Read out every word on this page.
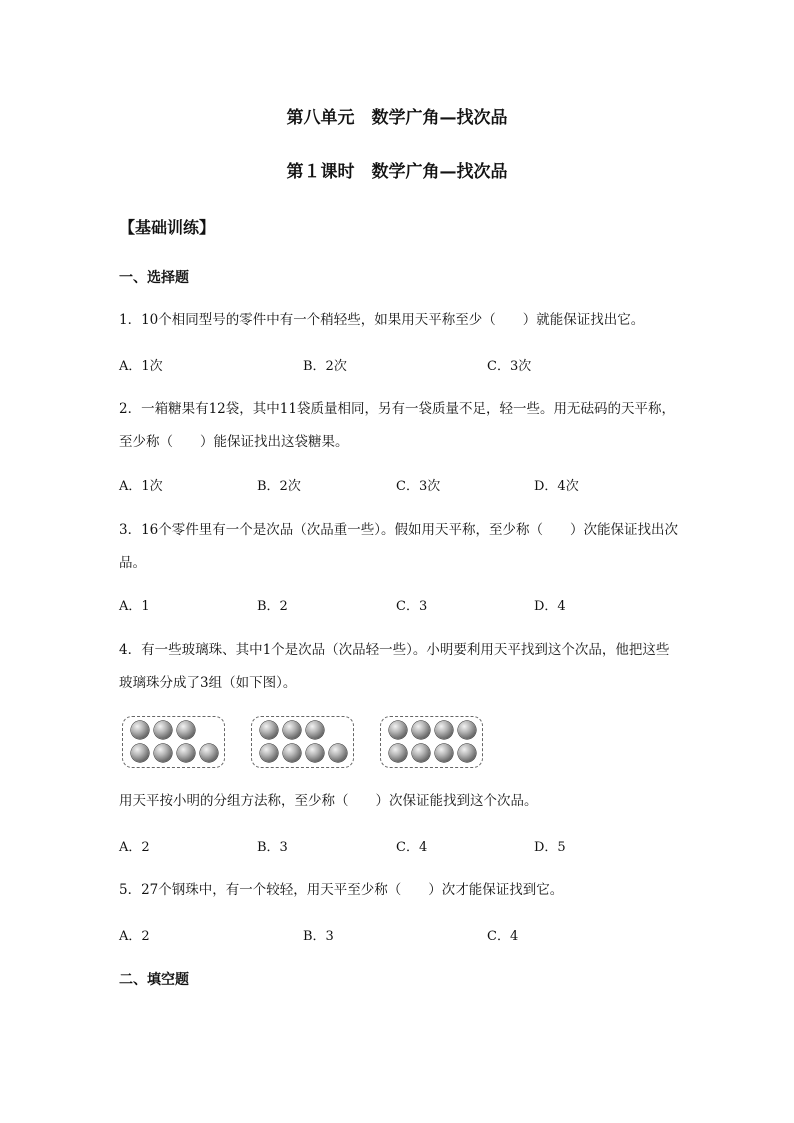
第八单元　数学广角—找次品
第１课时　数学广角—找次品
【基础训练】
一、选择题
1．10个相同型号的零件中有一个稍轻些，如果用天平称至少（　　）就能保证找出它。
A．1次	B．2次	C．3次
2．一箱糖果有12袋，其中11袋质量相同，另有一袋质量不足，轻一些。用无砝码的天平称，至少称（　　）能保证找出这袋糖果。
A．1次	B．2次	C．3次	D．4次
3．16个零件里有一个是次品（次品重一些）。假如用天平称，至少称（　　）次能保证找出次品。
A．1	B．2	C．3	D．4
4．有一些玻璃珠、其中1个是次品（次品轻一些）。小明要利用天平找到这个次品，他把这些玻璃珠分成了3组（如下图）。
用天平按小明的分组方法称，至少称（　　）次保证能找到这个次品。
A．2	B．3	C．4	D．5
5．27个钢珠中，有一个较轻，用天平至少称（　　）次才能保证找到它。
A．2	B．3	C．4
二、填空题
